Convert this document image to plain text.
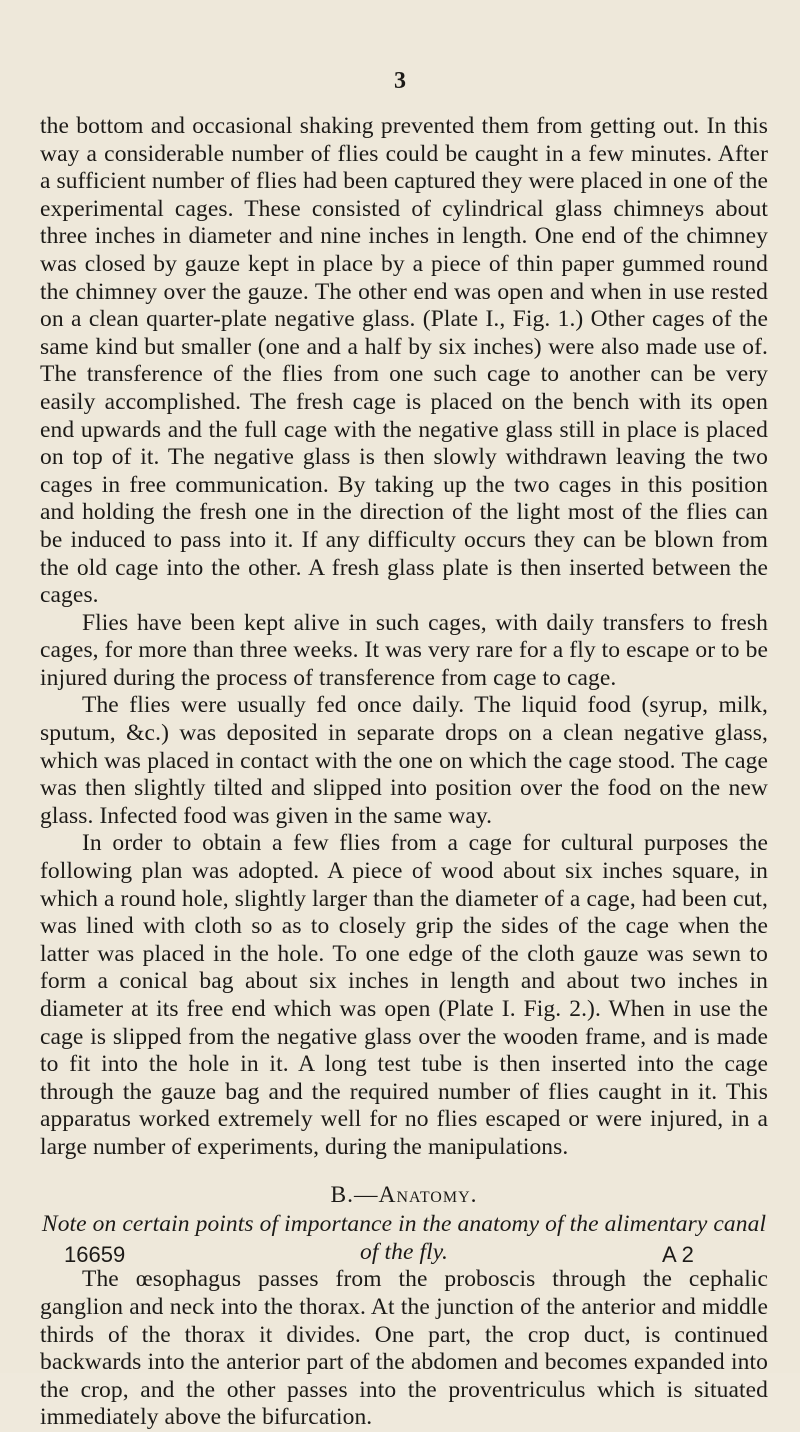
3

the bottom and occasional shaking prevented them from getting out. In this way a considerable number of flies could be caught in a few minutes. After a sufficient number of flies had been captured they were placed in one of the experimental cages. These consisted of cylindrical glass chimneys about three inches in diameter and nine inches in length. One end of the chimney was closed by gauze kept in place by a piece of thin paper gummed round the chimney over the gauze. The other end was open and when in use rested on a clean quarter-plate negative glass. (Plate I., Fig. 1.) Other cages of the same kind but smaller (one and a half by six inches) were also made use of. The transference of the flies from one such cage to another can be very easily accomplished. The fresh cage is placed on the bench with its open end upwards and the full cage with the negative glass still in place is placed on top of it. The negative glass is then slowly withdrawn leaving the two cages in free communication. By taking up the two cages in this position and holding the fresh one in the direction of the light most of the flies can be induced to pass into it. If any difficulty occurs they can be blown from the old cage into the other. A fresh glass plate is then inserted between the cages.

Flies have been kept alive in such cages, with daily transfers to fresh cages, for more than three weeks. It was very rare for a fly to escape or to be injured during the process of transference from cage to cage.

The flies were usually fed once daily. The liquid food (syrup, milk, sputum, &c.) was deposited in separate drops on a clean negative glass, which was placed in contact with the one on which the cage stood. The cage was then slightly tilted and slipped into position over the food on the new glass. Infected food was given in the same way.

In order to obtain a few flies from a cage for cultural purposes the following plan was adopted. A piece of wood about six inches square, in which a round hole, slightly larger than the diameter of a cage, had been cut, was lined with cloth so as to closely grip the sides of the cage when the latter was placed in the hole. To one edge of the cloth gauze was sewn to form a conical bag about six inches in length and about two inches in diameter at its free end which was open (Plate I. Fig. 2.). When in use the cage is slipped from the negative glass over the wooden frame, and is made to fit into the hole in it. A long test tube is then inserted into the cage through the gauze bag and the required number of flies caught in it. This apparatus worked extremely well for no flies escaped or were injured, in a large number of experiments, during the manipulations.

B.—Anatomy.

Note on certain points of importance in the anatomy of the alimentary canal of the fly.

The œsophagus passes from the proboscis through the cephalic ganglion and neck into the thorax. At the junction of the anterior and middle thirds of the thorax it divides. One part, the crop duct, is continued backwards into the anterior part of the abdomen and becomes expanded into the crop, and the other passes into the proventriculus which is situated immediately above the bifurcation.

16659	A 2
